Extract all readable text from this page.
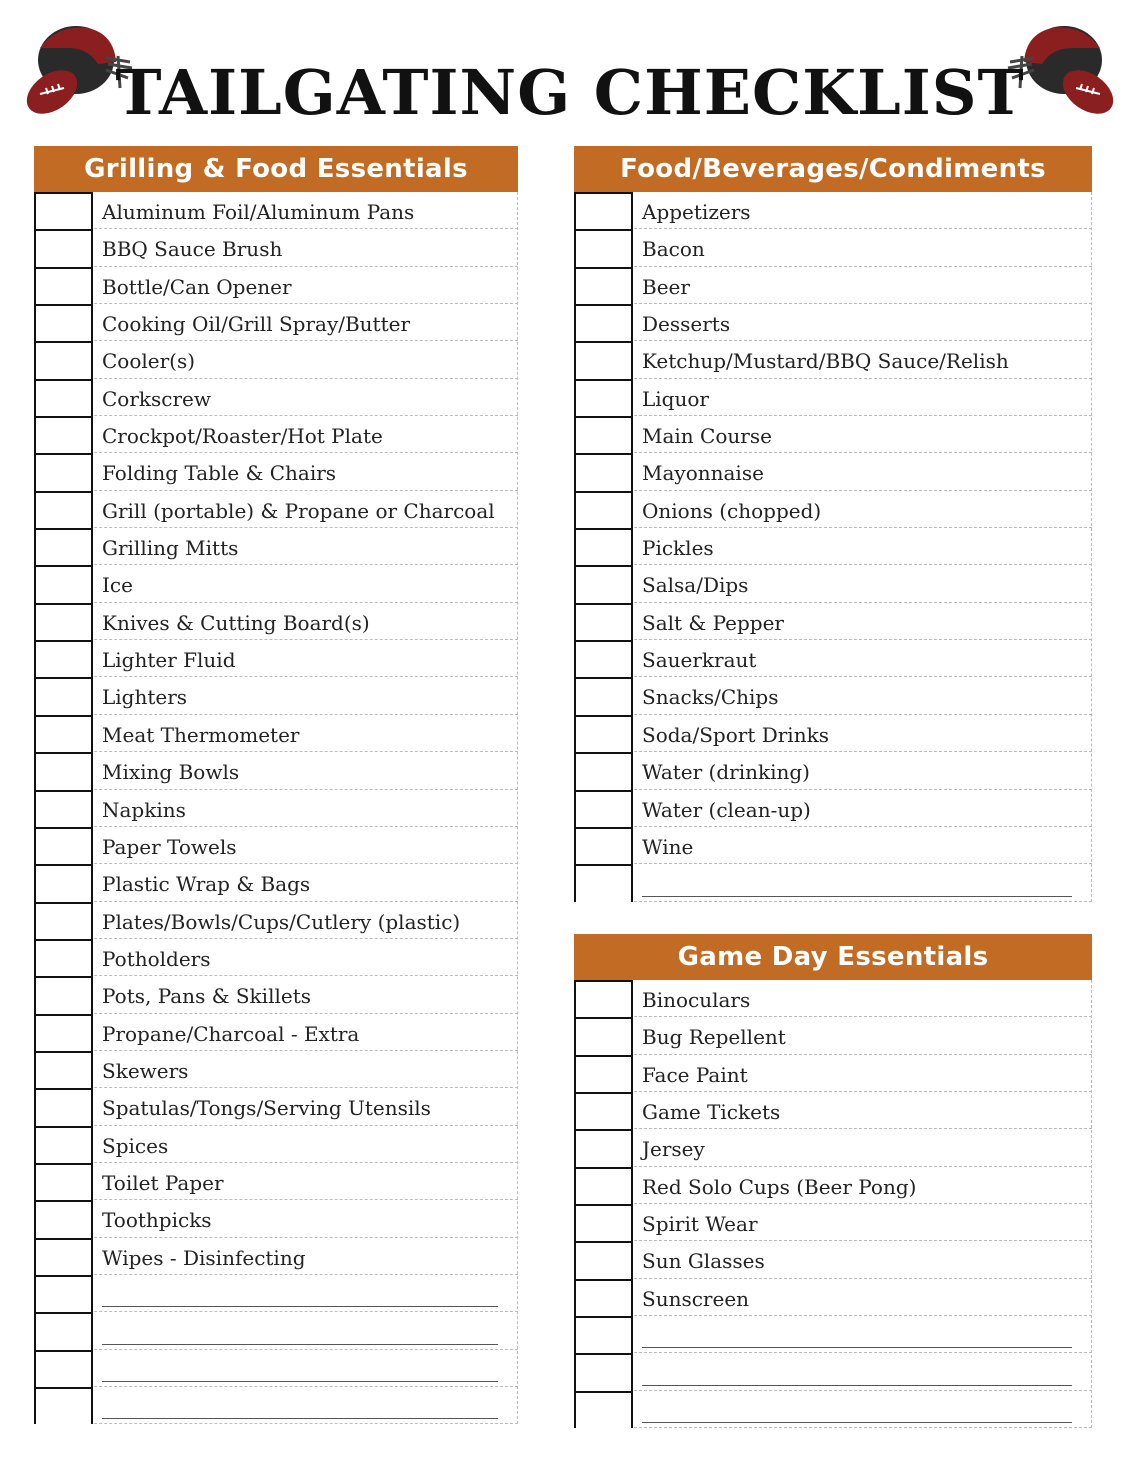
TAILGATING CHECKLIST
Grilling & Food Essentials
Aluminum Foil/Aluminum Pans
BBQ Sauce Brush
Bottle/Can Opener
Cooking Oil/Grill Spray/Butter
Cooler(s)
Corkscrew
Crockpot/Roaster/Hot Plate
Folding Table & Chairs
Grill (portable) & Propane or Charcoal
Grilling Mitts
Ice
Knives & Cutting Board(s)
Lighter Fluid
Lighters
Meat Thermometer
Mixing Bowls
Napkins
Paper Towels
Plastic Wrap & Bags
Plates/Bowls/Cups/Cutlery (plastic)
Potholders
Pots, Pans & Skillets
Propane/Charcoal - Extra
Skewers
Spatulas/Tongs/Serving Utensils
Spices
Toilet Paper
Toothpicks
Wipes - Disinfecting
Food/Beverages/Condiments
Appetizers
Bacon
Beer
Desserts
Ketchup/Mustard/BBQ Sauce/Relish
Liquor
Main Course
Mayonnaise
Onions (chopped)
Pickles
Salsa/Dips
Salt & Pepper
Sauerkraut
Snacks/Chips
Soda/Sport Drinks
Water (drinking)
Water (clean-up)
Wine
Game Day Essentials
Binoculars
Bug Repellent
Face Paint
Game Tickets
Jersey
Red Solo Cups (Beer Pong)
Spirit Wear
Sun Glasses
Sunscreen
